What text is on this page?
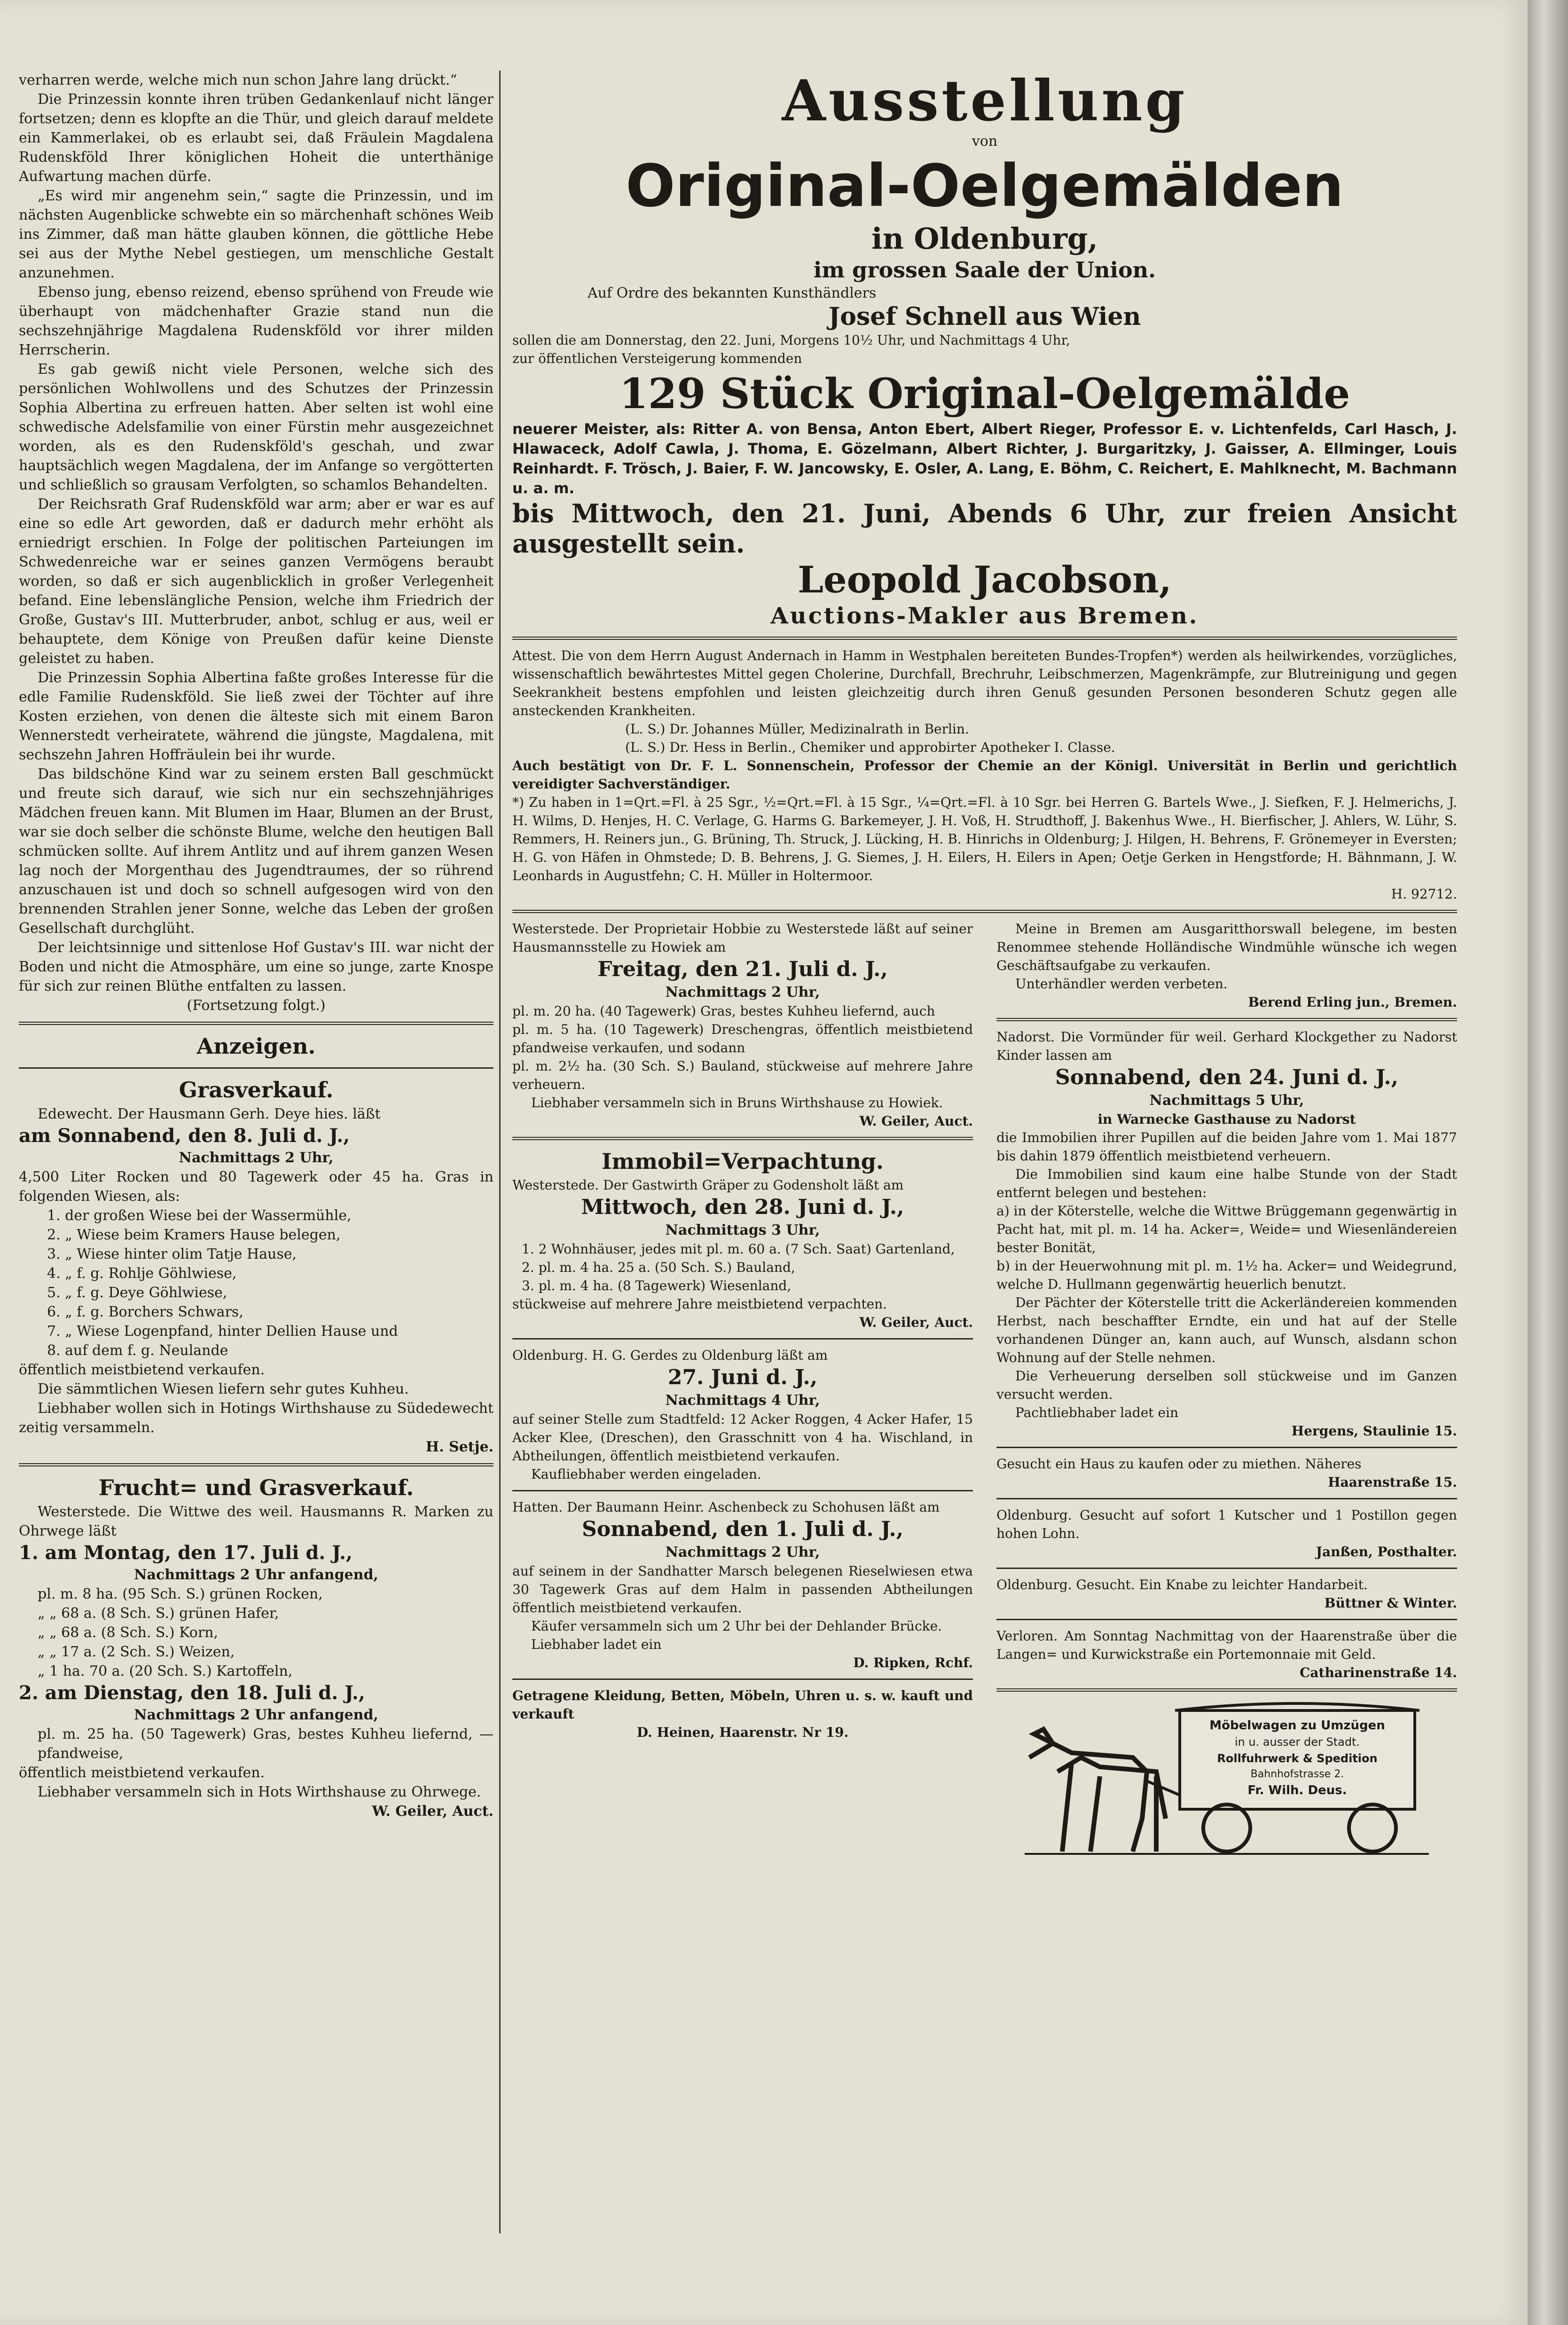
verharren werde, welche mich nun schon Jahre lang drückt.“

Die Prinzessin konnte ihren trüben Gedankenlauf nicht länger fortsetzen; denn es klopfte an die Thür, und gleich darauf meldete ein Kammerlakei, ob es erlaubt sei, daß Fräulein Magdalena Rudenskföld Ihrer königlichen Hoheit die unterthänige Aufwartung machen dürfe.

„Es wird mir angenehm sein,“ sagte die Prinzessin, und im nächsten Augenblicke schwebte ein so märchenhaft schönes Weib ins Zimmer, daß man hätte glauben können, die göttliche Hebe sei aus der Mythe Nebel gestiegen, um menschliche Gestalt anzunehmen.

Ebenso jung, ebenso reizend, ebenso sprühend von Freude wie überhaupt von mädchenhafter Grazie stand nun die sechszehnjährige Magdalena Rudenskföld vor ihrer milden Herrscherin.

Es gab gewiß nicht viele Personen, welche sich des persönlichen Wohlwollens und des Schutzes der Prinzessin Sophia Albertina zu erfreuen hatten. Aber selten ist wohl eine schwedische Adelsfamilie von einer Fürstin mehr ausgezeichnet worden, als es den Rudenskföld's geschah, und zwar hauptsächlich wegen Magdalena, der im Anfange so vergötterten und schließlich so grausam Verfolgten, so schamlos Behandelten.

Der Reichsrath Graf Rudenskföld war arm; aber er war es auf eine so edle Art geworden, daß er dadurch mehr erhöht als erniedrigt erschien. In Folge der politischen Parteiungen im Schwedenreiche war er seines ganzen Vermögens beraubt worden, so daß er sich augenblicklich in großer Verlegenheit befand. Eine lebenslängliche Pension, welche ihm Friedrich der Große, Gustav's III. Mutterbruder, anbot, schlug er aus, weil er behauptete, dem Könige von Preußen dafür keine Dienste geleistet zu haben.

Die Prinzessin Sophia Albertina faßte großes Interesse für die edle Familie Rudenskföld. Sie ließ zwei der Töchter auf ihre Kosten erziehen, von denen die älteste sich mit einem Baron Wennerstedt verheiratete, während die jüngste, Magdalena, mit sechszehn Jahren Hoffräulein bei ihr wurde.

Das bildschöne Kind war zu seinem ersten Ball geschmückt und freute sich darauf, wie sich nur ein sechszehnjähriges Mädchen freuen kann. Mit Blumen im Haar, Blumen an der Brust, war sie doch selber die schönste Blume, welche den heutigen Ball schmücken sollte. Auf ihrem Antlitz und auf ihrem ganzen Wesen lag noch der Morgenthau des Jugendtraumes, der so rührend anzuschauen ist und doch so schnell aufgesogen wird von den brennenden Strahlen jener Sonne, welche das Leben der großen Gesellschaft durchglüht.

Der leichtsinnige und sittenlose Hof Gustav's III. war nicht der Boden und nicht die Atmosphäre, um eine so junge, zarte Knospe für sich zur reinen Blüthe entfalten zu lassen.

(Fortsetzung folgt.)

Anzeigen.

Grasverkauf.

Edewecht. Der Hausmann Gerh. Deye hies. läßt

am Sonnabend, den 8. Juli d. J.,

Nachmittags 2 Uhr,

4,500 Liter Rocken und 80 Tagewerk oder 45 ha. Gras in folgenden Wiesen, als:

1. der großen Wiese bei der Wassermühle,

2. „ Wiese beim Kramers Hause belegen,

3. „ Wiese hinter olim Tatje Hause,

4. „ f. g. Rohlje Göhlwiese,

5. „ f. g. Deye Göhlwiese,

6. „ f. g. Borchers Schwars,

7. „ Wiese Logenpfand, hinter Dellien Hause und

8. auf dem f. g. Neulande

öffentlich meistbietend verkaufen.

Die sämmtlichen Wiesen liefern sehr gutes Kuhheu.

Liebhaber wollen sich in Hotings Wirthshause zu Südedewecht zeitig versammeln.

H. Setje.

Frucht= und Grasverkauf.

Westerstede. Die Wittwe des weil. Hausmanns R. Marken zu Ohrwege läßt

1. am Montag, den 17. Juli d. J.,

Nachmittags 2 Uhr anfangend,

pl. m. 8 ha. (95 Sch. S.) grünen Rocken,

„ „ 68 a. (8 Sch. S.) grünen Hafer,

„ „ 68 a. (8 Sch. S.) Korn,

„ „ 17 a. (2 Sch. S.) Weizen,

„ 1 ha. 70 a. (20 Sch. S.) Kartoffeln,

2. am Dienstag, den 18. Juli d. J.,

Nachmittags 2 Uhr anfangend,

pl. m. 25 ha. (50 Tagewerk) Gras, bestes Kuhheu liefernd, — pfandweise,

öffentlich meistbietend verkaufen.

Liebhaber versammeln sich in Hots Wirthshause zu Ohrwege.

W. Geiler, Auct.

Ausstellung

von

Original-Oelgemälden

in Oldenburg,

im grossen Saale der Union.

Auf Ordre des bekannten Kunsthändlers

Josef Schnell aus Wien

sollen die am Donnerstag, den 22. Juni, Morgens 10½ Uhr, und Nachmittags 4 Uhr,

zur öffentlichen Versteigerung kommenden

129 Stück Original-Oelgemälde

neuerer Meister, als: Ritter A. von Bensa, Anton Ebert, Albert Rieger, Professor E. v. Lichtenfelds, Carl Hasch, J. Hlawaceck, Adolf Cawla, J. Thoma, E. Gözelmann, Albert Richter, J. Burgaritzky, J. Gaisser, A. Ellminger, Louis Reinhardt. F. Trösch, J. Baier, F. W. Jancowsky, E. Osler, A. Lang, E. Böhm, C. Reichert, E. Mahlknecht, M. Bachmann u. a. m.

bis Mittwoch, den 21. Juni, Abends 6 Uhr, zur freien Ansicht ausgestellt sein.

Leopold Jacobson,

Auctions-Makler aus Bremen.

Attest. Die von dem Herrn August Andernach in Hamm in Westphalen bereiteten Bundes-Tropfen*) werden als heilwirkendes, vorzügliches, wissenschaftlich bewährtestes Mittel gegen Cholerine, Durchfall, Brechruhr, Leibschmerzen, Magenkrämpfe, zur Blutreinigung und gegen Seekrankheit bestens empfohlen und leisten gleichzeitig durch ihren Genuß gesunden Personen besonderen Schutz gegen alle ansteckenden Krankheiten.

(L. S.) Dr. Johannes Müller, Medizinalrath in Berlin.

(L. S.) Dr. Hess in Berlin., Chemiker und approbirter Apotheker I. Classe.

Auch bestätigt von Dr. F. L. Sonnenschein, Professor der Chemie an der Königl. Universität in Berlin und gerichtlich vereidigter Sachverständiger.

*) Zu haben in 1=Qrt.=Fl. à 25 Sgr., ½=Qrt.=Fl. à 15 Sgr., ¼=Qrt.=Fl. à 10 Sgr. bei Herren G. Bartels Wwe., J. Siefken, F. J. Helmerichs, J. H. Wilms, D. Henjes, H. C. Verlage, G. Harms G. Barkemeyer, J. H. Voß, H. Strudthoff, J. Bakenhus Wwe., H. Bierfischer, J. Ahlers, W. Lühr, S. Remmers, H. Reiners jun., G. Brüning, Th. Struck, J. Lücking, H. B. Hinrichs in Oldenburg; J. Hilgen, H. Behrens, F. Grönemeyer in Eversten; H. G. von Häfen in Ohmstede; D. B. Behrens, J. G. Siemes, J. H. Eilers, H. Eilers in Apen; Oetje Gerken in Hengstforde; H. Bähnmann, J. W. Leonhards in Augustfehn; C. H. Müller in Holtermoor.

H. 92712.

Westerstede. Der Proprietair Hobbie zu Westerstede läßt auf seiner Hausmannsstelle zu Howiek am

Freitag, den 21. Juli d. J.,

Nachmittags 2 Uhr,

pl. m. 20 ha. (40 Tagewerk) Gras, bestes Kuhheu liefernd, auch

pl. m. 5 ha. (10 Tagewerk) Dreschengras, öffentlich meistbietend pfandweise verkaufen, und sodann

pl. m. 2½ ha. (30 Sch. S.) Bauland, stückweise auf mehrere Jahre verheuern.

Liebhaber versammeln sich in Bruns Wirthshause zu Howiek.

W. Geiler, Auct.

Immobil=Verpachtung.

Westerstede. Der Gastwirth Gräper zu Godensholt läßt am

Mittwoch, den 28. Juni d. J.,

Nachmittags 3 Uhr,

1. 2 Wohnhäuser, jedes mit pl. m. 60 a. (7 Sch. Saat) Gartenland,

2. pl. m. 4 ha. 25 a. (50 Sch. S.) Bauland,

3. pl. m. 4 ha. (8 Tagewerk) Wiesenland,

stückweise auf mehrere Jahre meistbietend verpachten.

W. Geiler, Auct.

Oldenburg. H. G. Gerdes zu Oldenburg läßt am

27. Juni d. J.,

Nachmittags 4 Uhr,

auf seiner Stelle zum Stadtfeld: 12 Acker Roggen, 4 Acker Hafer, 15 Acker Klee, (Dreschen), den Grasschnitt von 4 ha. Wischland, in Abtheilungen, öffentlich meistbietend verkaufen.

Kaufliebhaber werden eingeladen.

Hatten. Der Baumann Heinr. Aschenbeck zu Schohusen läßt am

Sonnabend, den 1. Juli d. J.,

Nachmittags 2 Uhr,

auf seinem in der Sandhatter Marsch belegenen Rieselwiesen etwa 30 Tagewerk Gras auf dem Halm in passenden Abtheilungen öffentlich meistbietend verkaufen.

Käufer versammeln sich um 2 Uhr bei der Dehlander Brücke.

Liebhaber ladet ein

D. Ripken, Rchf.

Getragene Kleidung, Betten, Möbeln, Uhren u. s. w. kauft und verkauft

D. Heinen, Haarenstr. Nr 19.

Meine in Bremen am Ausgaritthorswall belegene, im besten Renommee stehende Holländische Windmühle wünsche ich wegen Geschäftsaufgabe zu verkaufen.

Unterhändler werden verbeten.

Berend Erling jun., Bremen.

Nadorst. Die Vormünder für weil. Gerhard Klockgether zu Nadorst Kinder lassen am

Sonnabend, den 24. Juni d. J.,

Nachmittags 5 Uhr,

in Warnecke Gasthause zu Nadorst

die Immobilien ihrer Pupillen auf die beiden Jahre vom 1. Mai 1877 bis dahin 1879 öffentlich meistbietend verheuern.

Die Immobilien sind kaum eine halbe Stunde von der Stadt entfernt belegen und bestehen:

a) in der Köterstelle, welche die Wittwe Brüggemann gegenwärtig in Pacht hat, mit pl. m. 14 ha. Acker=, Weide= und Wiesenländereien bester Bonität,

b) in der Heuerwohnung mit pl. m. 1½ ha. Acker= und Weidegrund, welche D. Hullmann gegenwärtig heuerlich benutzt.

Der Pächter der Köterstelle tritt die Ackerländereien kommenden Herbst, nach beschaffter Erndte, ein und hat auf der Stelle vorhandenen Dünger an, kann auch, auf Wunsch, alsdann schon Wohnung auf der Stelle nehmen.

Die Verheuerung derselben soll stückweise und im Ganzen versucht werden.

Pachtliebhaber ladet ein

Hergens, Staulinie 15.

Gesucht ein Haus zu kaufen oder zu miethen. Näheres

Haarenstraße 15.

Oldenburg. Gesucht auf sofort 1 Kutscher und 1 Postillon gegen hohen Lohn.

Janßen, Posthalter.

Oldenburg. Gesucht. Ein Knabe zu leichter Handarbeit.

Büttner & Winter.

Verloren. Am Sonntag Nachmittag von der Haarenstraße über die Langen= und Kurwickstraße ein Portemonnaie mit Geld.

Catharinenstraße 14.

Möbelwagen zu Umzügen
in u. ausser der Stadt.
Rollfuhrwerk & Spedition
Bahnhofstrasse 2.
Fr. Wilh. Deus.
